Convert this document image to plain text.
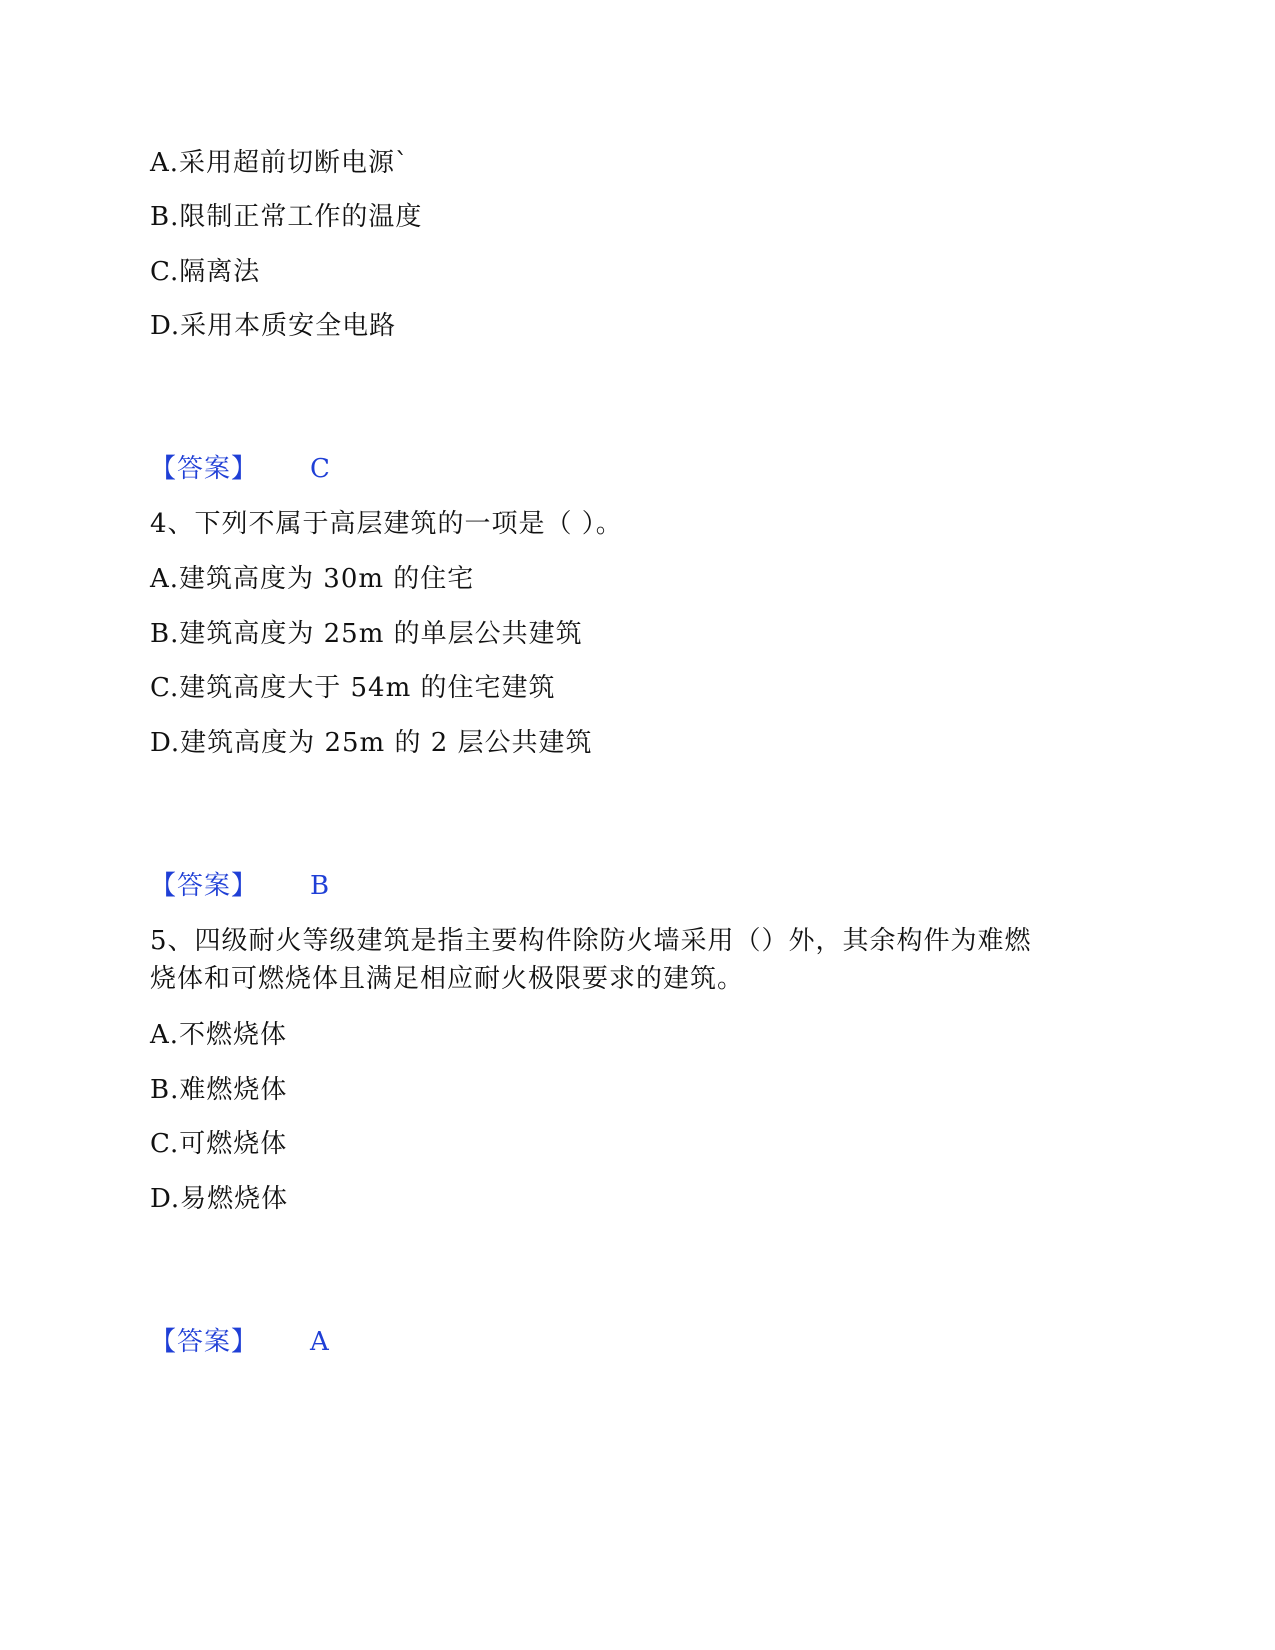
A.采用超前切断电源`
B.限制正常工作的温度
C.隔离法
D.采用本质安全电路
【答案】 C
4、下列不属于高层建筑的一项是（ ）。
A.建筑高度为 30m 的住宅
B.建筑高度为 25m 的单层公共建筑
C.建筑高度大于 54m 的住宅建筑
D.建筑高度为 25m 的 2 层公共建筑
【答案】 B
5、四级耐火等级建筑是指主要构件除防火墙采用（）外，其余构件为难燃
烧体和可燃烧体且满足相应耐火极限要求的建筑。
A.不燃烧体
B.难燃烧体
C.可燃烧体
D.易燃烧体
【答案】 A
